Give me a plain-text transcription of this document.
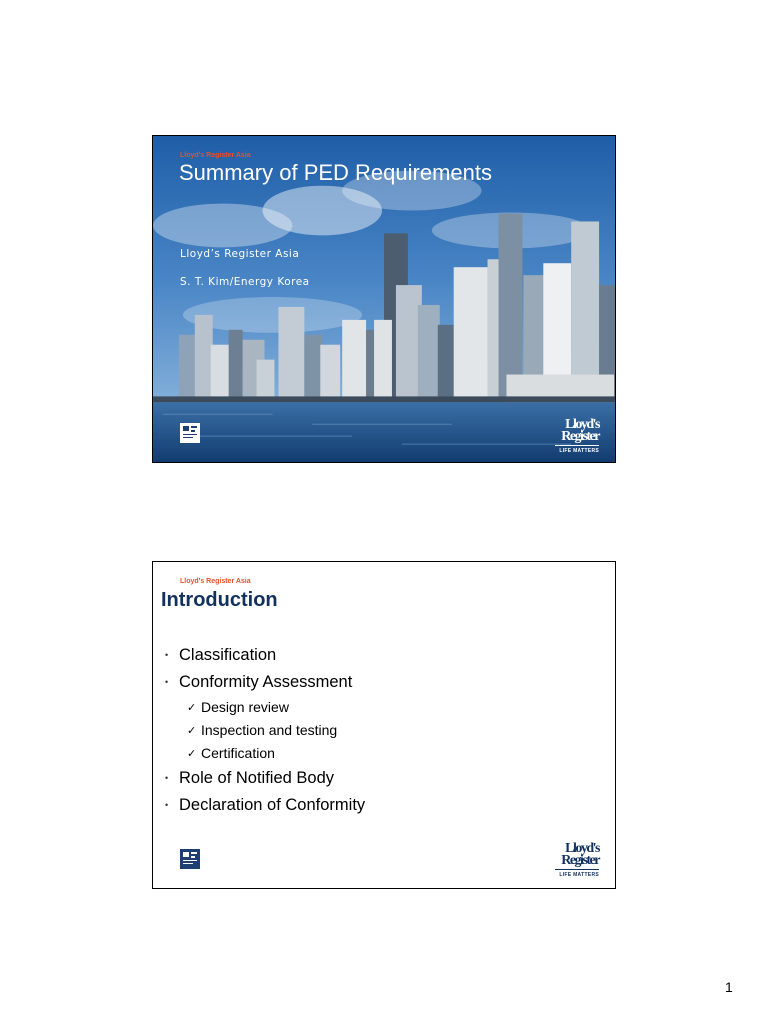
Lloyd's Register Asia
Summary of PED Requirements
Lloyd’s Register Asia
S. T. Kim/Energy Korea
Lloyd's
Register
LIFE MATTERS
Lloyd's Register Asia
Introduction
• Classification
• Conformity Assessment
✓ Design review
✓ Inspection and testing
✓ Certification
• Role of Notified Body
• Declaration of Conformity
Lloyd's
Register
LIFE MATTERS
1
